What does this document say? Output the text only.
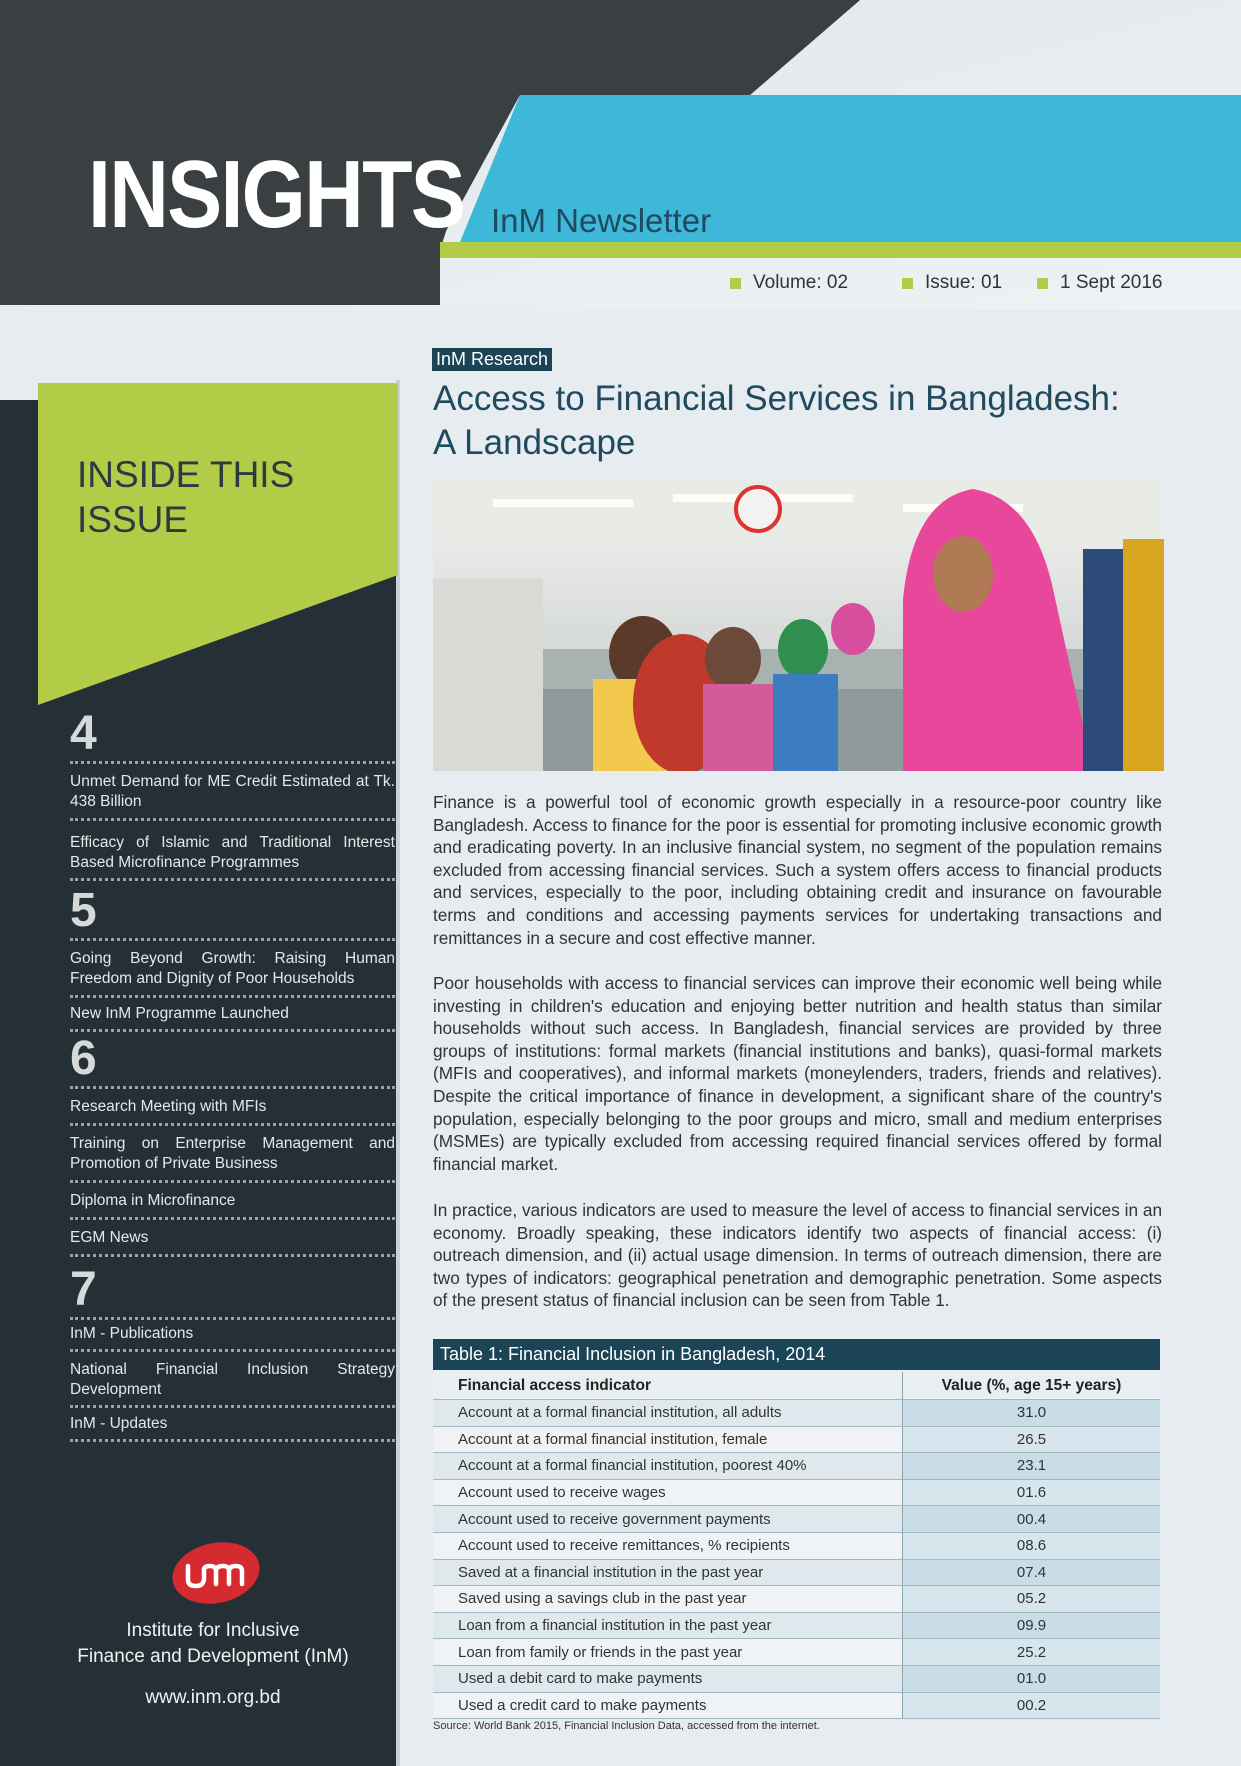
INSIGHTS InM Newsletter
Volume: 02	Issue: 01	1 Sept 2016
INSIDE THIS
ISSUE
4
Unmet Demand for ME Credit Estimated at Tk. 438 Billion
Efficacy of Islamic and Traditional Interest Based Microfinance Programmes
5
Going Beyond Growth: Raising Human Freedom and Dignity of Poor Households
New InM Programme Launched
6
Research Meeting with MFIs
Training on Enterprise Management and Promotion of Private Business
Diploma in Microfinance
EGM News
7
InM - Publications
National Financial Inclusion Strategy Development
InM - Updates
Institute for Inclusive
Finance and Development (InM)
www.inm.org.bd
InM Research
Access to Financial Services in Bangladesh:
A Landscape
Finance is a powerful tool of economic growth especially in a resource-poor country like Bangladesh. Access to finance for the poor is essential for promoting inclusive economic growth and eradicating poverty. In an inclusive financial system, no segment of the population remains excluded from accessing financial services. Such a system offers access to financial products and services, especially to the poor, including obtaining credit and insurance on favourable terms and conditions and accessing payments services for undertaking transactions and remittances in a secure and cost effective manner.
Poor households with access to financial services can improve their economic well being while investing in children's education and enjoying better nutrition and health status than similar households without such access. In Bangladesh, financial services are provided by three groups of institutions: formal markets (financial institutions and banks), quasi-formal markets (MFIs and cooperatives), and informal markets (moneylenders, traders, friends and relatives). Despite the critical importance of finance in development, a significant share of the country's population, especially belonging to the poor groups and micro, small and medium enterprises (MSMEs) are typically excluded from accessing required financial services offered by formal financial market.
In practice, various indicators are used to measure the level of access to financial services in an economy. Broadly speaking, these indicators identify two aspects of financial access: (i) outreach dimension, and (ii) actual usage dimension. In terms of outreach dimension, there are two types of indicators: geographical penetration and demographic penetration. Some aspects of the present status of financial inclusion can be seen from Table 1.
Table 1: Financial Inclusion in Bangladesh, 2014
Financial access indicator	Value (%, age 15+ years)
Account at a formal financial institution, all adults	31.0
Account at a formal financial institution, female	26.5
Account at a formal financial institution, poorest 40%	23.1
Account used to receive wages	01.6
Account used to receive government payments	00.4
Account used to receive remittances, % recipients	08.6
Saved at a financial institution in the past year	07.4
Saved using a savings club in the past year	05.2
Loan from a financial institution in the past year	09.9
Loan from family or friends in the past year	25.2
Used a debit card to make payments	01.0
Used a credit card to make payments	00.2
Source: World Bank 2015, Financial Inclusion Data, accessed from the internet.
